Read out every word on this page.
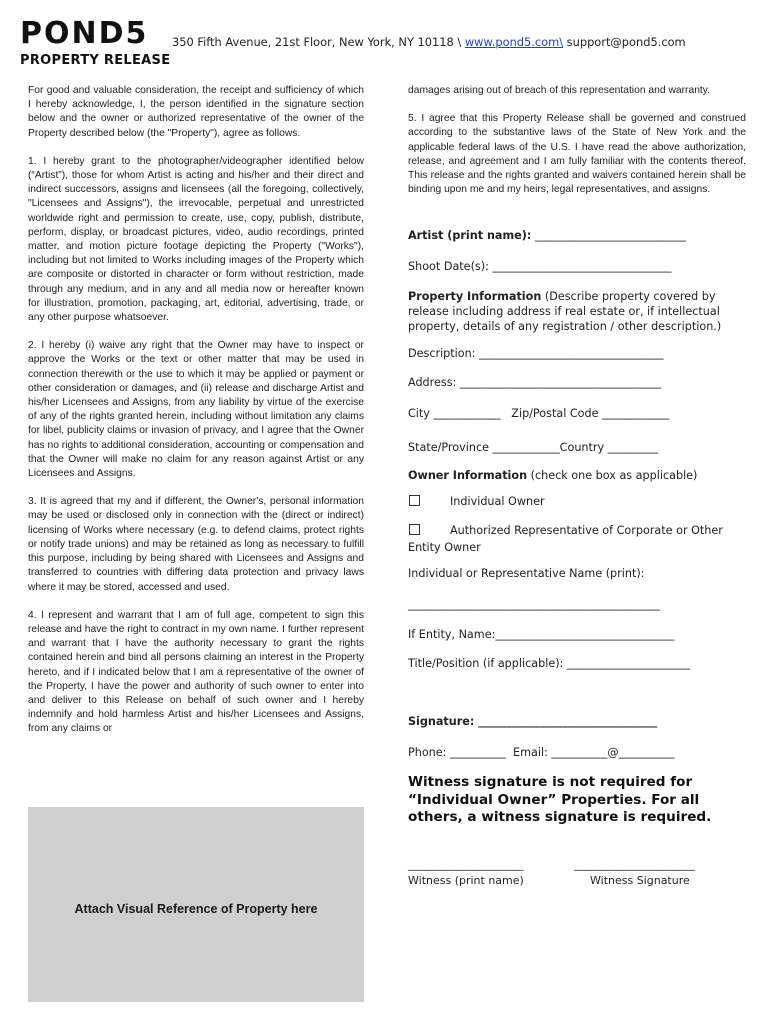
POND5 350 Fifth Avenue, 21st Floor, New York, NY 10118 \ www.pond5.com\ support@pond5.com
PROPERTY RELEASE

For good and valuable consideration, the receipt and sufficiency of which I hereby acknowledge, I, the person identified in the signature section below and the owner or authorized representative of the owner of the Property described below (the "Property"), agree as follows.

1. I hereby grant to the photographer/videographer identified below (“Artist”), those for whom Artist is acting and his/her and their direct and indirect successors, assigns and licensees (all the foregoing, collectively, "Licensees and Assigns"), the irrevocable, perpetual and unrestricted worldwide right and permission to create, use, copy, publish, distribute, perform, display, or broadcast pictures, video, audio recordings, printed matter, and motion picture footage depicting the Property ("Works"), including but not limited to Works including images of the Property which are composite or distorted in character or form without restriction, made through any medium, and in any and all media now or hereafter known for illustration, promotion, packaging, art, editorial, advertising, trade, or any other purpose whatsoever.

2. I hereby (i) waive any right that the Owner may have to inspect or approve the Works or the text or other matter that may be used in connection therewith or the use to which it may be applied or payment or other consideration or damages, and (ii) release and discharge Artist and his/her Licensees and Assigns, from any liability by virtue of the exercise of any of the rights granted herein, including without limitation any claims for libel, publicity claims or invasion of privacy, and I agree that the Owner has no rights to additional consideration, accounting or compensation and that the Owner will make no claim for any reason against Artist or any Licensees and Assigns.

3. It is agreed that my and if different, the Owner's, personal information may be used or disclosed only in connection with the (direct or indirect) licensing of Works where necessary (e.g. to defend claims, protect rights or notify trade unions) and may be retained as long as necessary to fulfill this purpose, including by being shared with Licensees and Assigns and transferred to countries with differing data protection and privacy laws where it may be stored, accessed and used.

4. I represent and warrant that I am of full age, competent to sign this release and have the right to contract in my own name. I further represent and warrant that I have the authority necessary to grant the rights contained herein and bind all persons claiming an interest in the Property hereto, and if I indicated below that I am a representative of the owner of the Property, I have the power and authority of such owner to enter into and deliver to this Release on behalf of such owner and I hereby indemnify and hold harmless Artist and his/her Licensees and Assigns, from any claims or

damages arising out of breach of this representation and warranty.

5. I agree that this Property Release shall be governed and construed according to the substantive laws of the State of New York and the applicable federal laws of the U.S. I have read the above authorization, release, and agreement and I am fully familiar with the contents thereof. This release and the rights granted and waivers contained herein shall be binding upon me and my heirs, legal representatives, and assigns.

Artist (print name): ___________________________
Shoot Date(s): ________________________________
Property Information (Describe property covered by release including address if real estate or, if intellectual property, details of any registration / other description.)
Description: _________________________________
Address: ____________________________________
City ____________   Zip/Postal Code ____________
State/Province ____________Country _________
Owner Information (check one box as applicable)
Individual Owner
Authorized Representative of Corporate or Other
Entity Owner
Individual or Representative Name (print):
_____________________________________________
If Entity, Name:________________________________
Title/Position (if applicable): ______________________
Signature: ________________________________
Phone: __________  Email: __________@__________
Witness signature is not required for “Individual Owner” Properties. For all others, a witness signature is required.
_____________________	______________________
Witness (print name)	Witness Signature
Attach Visual Reference of Property here
